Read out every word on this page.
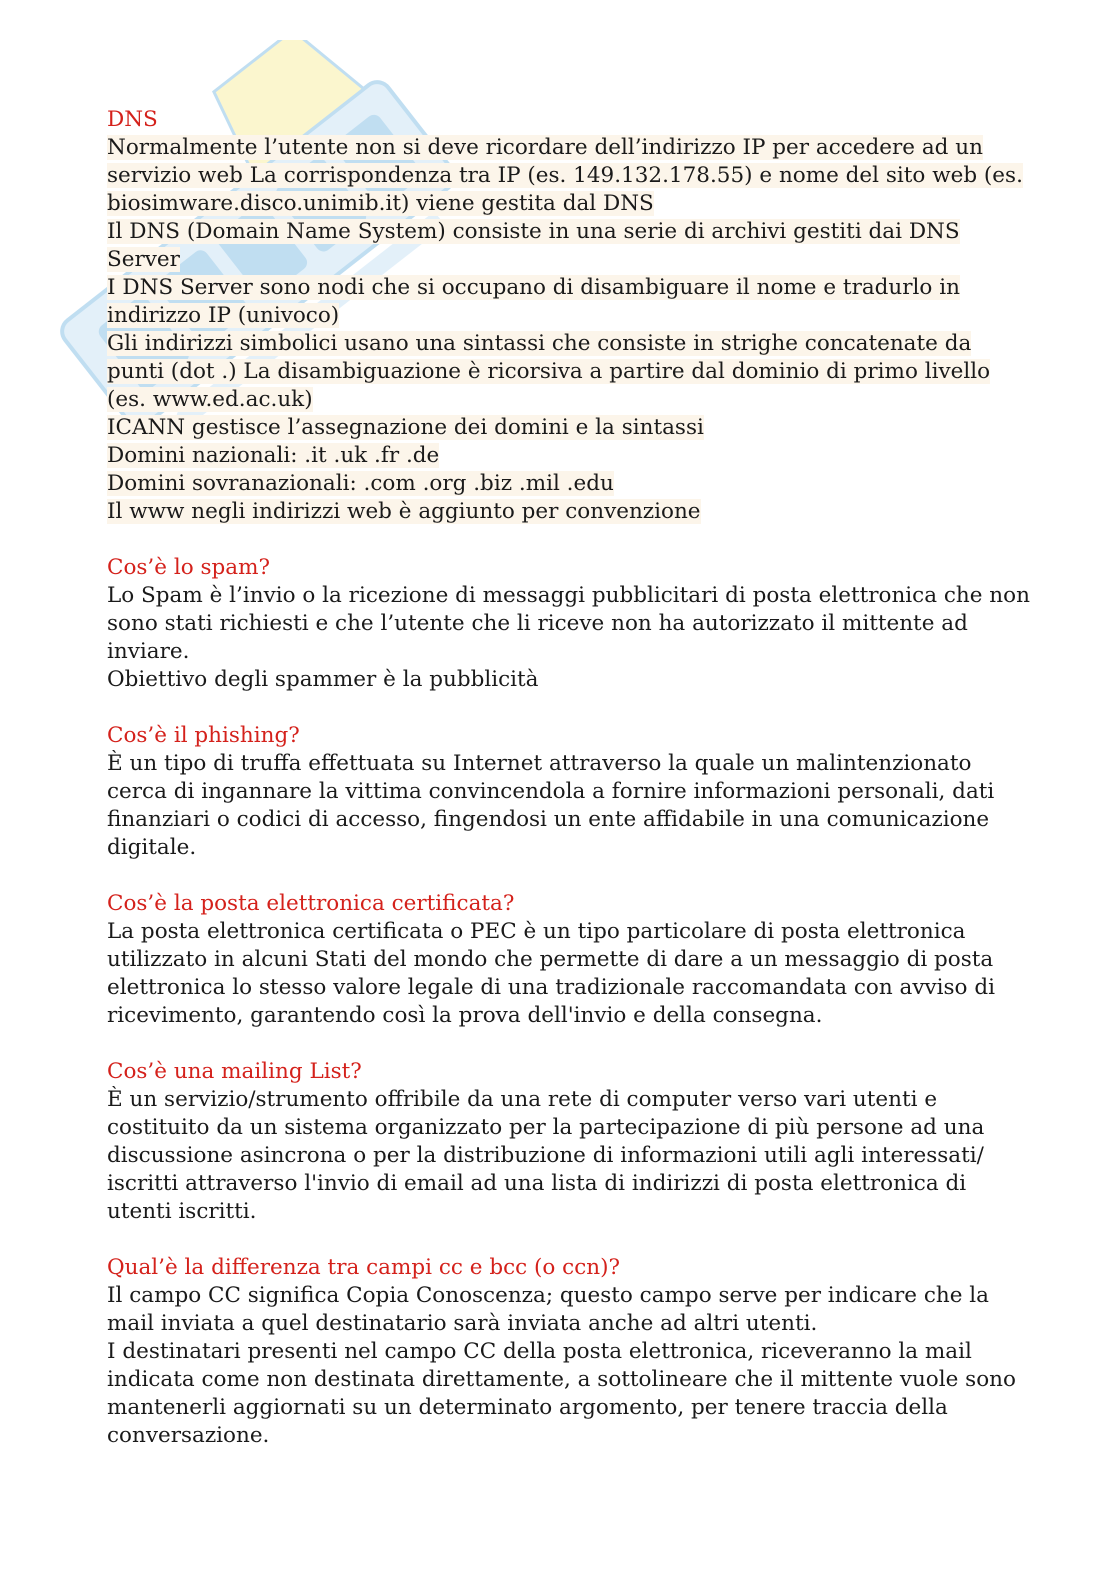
DNS
Normalmente l’utente non si deve ricordare dell’indirizzo IP per accedere ad un
servizio web La corrispondenza tra IP (es. 149.132.178.55) e nome del sito web (es.
biosimware.disco.unimib.it) viene gestita dal DNS
Il DNS (Domain Name System) consiste in una serie di archivi gestiti dai DNS
Server
I DNS Server sono nodi che si occupano di disambiguare il nome e tradurlo in
indirizzo IP (univoco)
Gli indirizzi simbolici usano una sintassi che consiste in strighe concatenate da
punti (dot .) La disambiguazione è ricorsiva a partire dal dominio di primo livello
(es. www.ed.ac.uk)
ICANN gestisce l’assegnazione dei domini e la sintassi
Domini nazionali: .it .uk .fr .de
Domini sovranazionali: .com .org .biz .mil .edu
Il www negli indirizzi web è aggiunto per convenzione
Cos’è lo spam?
Lo Spam è l’invio o la ricezione di messaggi pubblicitari di posta elettronica che non
sono stati richiesti e che l’utente che li riceve non ha autorizzato il mittente ad
inviare.
Obiettivo degli spammer è la pubblicità
Cos’è il phishing?
È un tipo di truffa effettuata su Internet attraverso la quale un malintenzionato
cerca di ingannare la vittima convincendola a fornire informazioni personali, dati
finanziari o codici di accesso, fingendosi un ente affidabile in una comunicazione
digitale.
Cos’è la posta elettronica certificata?
La posta elettronica certificata o PEC è un tipo particolare di posta elettronica
utilizzato in alcuni Stati del mondo che permette di dare a un messaggio di posta
elettronica lo stesso valore legale di una tradizionale raccomandata con avviso di
ricevimento, garantendo così la prova dell'invio e della consegna.
Cos’è una mailing List?
È un servizio/strumento offribile da una rete di computer verso vari utenti e
costituito da un sistema organizzato per la partecipazione di più persone ad una
discussione asincrona o per la distribuzione di informazioni utili agli interessati/
iscritti attraverso l'invio di email ad una lista di indirizzi di posta elettronica di
utenti iscritti.
Qual’è la differenza tra campi cc e bcc (o ccn)?
Il campo CC significa Copia Conoscenza; questo campo serve per indicare che la
mail inviata a quel destinatario sarà inviata anche ad altri utenti.
I destinatari presenti nel campo CC della posta elettronica, riceveranno la mail
indicata come non destinata direttamente, a sottolineare che il mittente vuole sono
mantenerli aggiornati su un determinato argomento, per tenere traccia della
conversazione.
